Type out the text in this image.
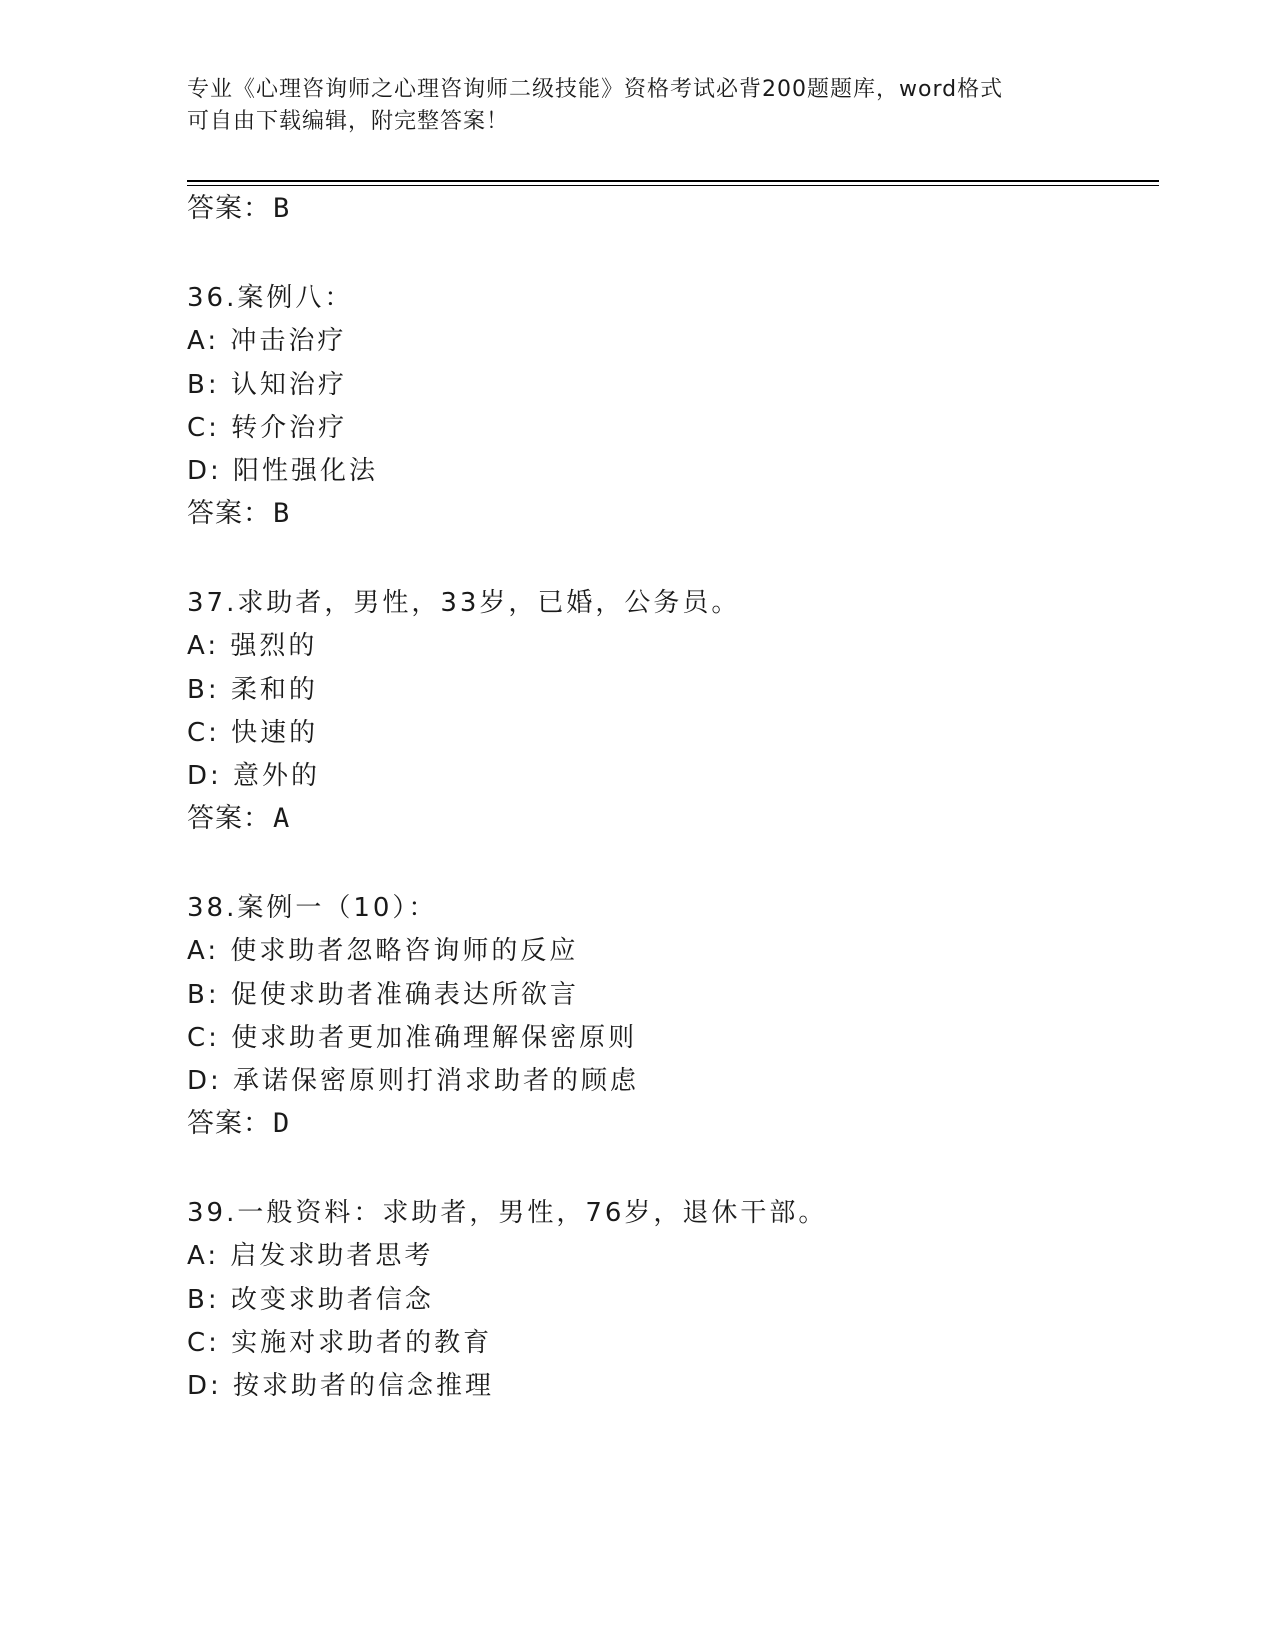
专业《心理咨询师之心理咨询师二级技能》资格考试必背200题题库，word格式
可自由下载编辑，附完整答案！
答案：B
36.案例八：
A: 冲击治疗
B: 认知治疗
C: 转介治疗
D: 阳性强化法
答案：B
37.求助者，男性，33岁，已婚，公务员。
A: 强烈的
B: 柔和的
C: 快速的
D: 意外的
答案：A
38.案例一（10）：
A: 使求助者忽略咨询师的反应
B: 促使求助者准确表达所欲言
C: 使求助者更加准确理解保密原则
D: 承诺保密原则打消求助者的顾虑
答案：D
39.一般资料：求助者，男性，76岁，退休干部。
A: 启发求助者思考
B: 改变求助者信念
C: 实施对求助者的教育
D: 按求助者的信念推理
